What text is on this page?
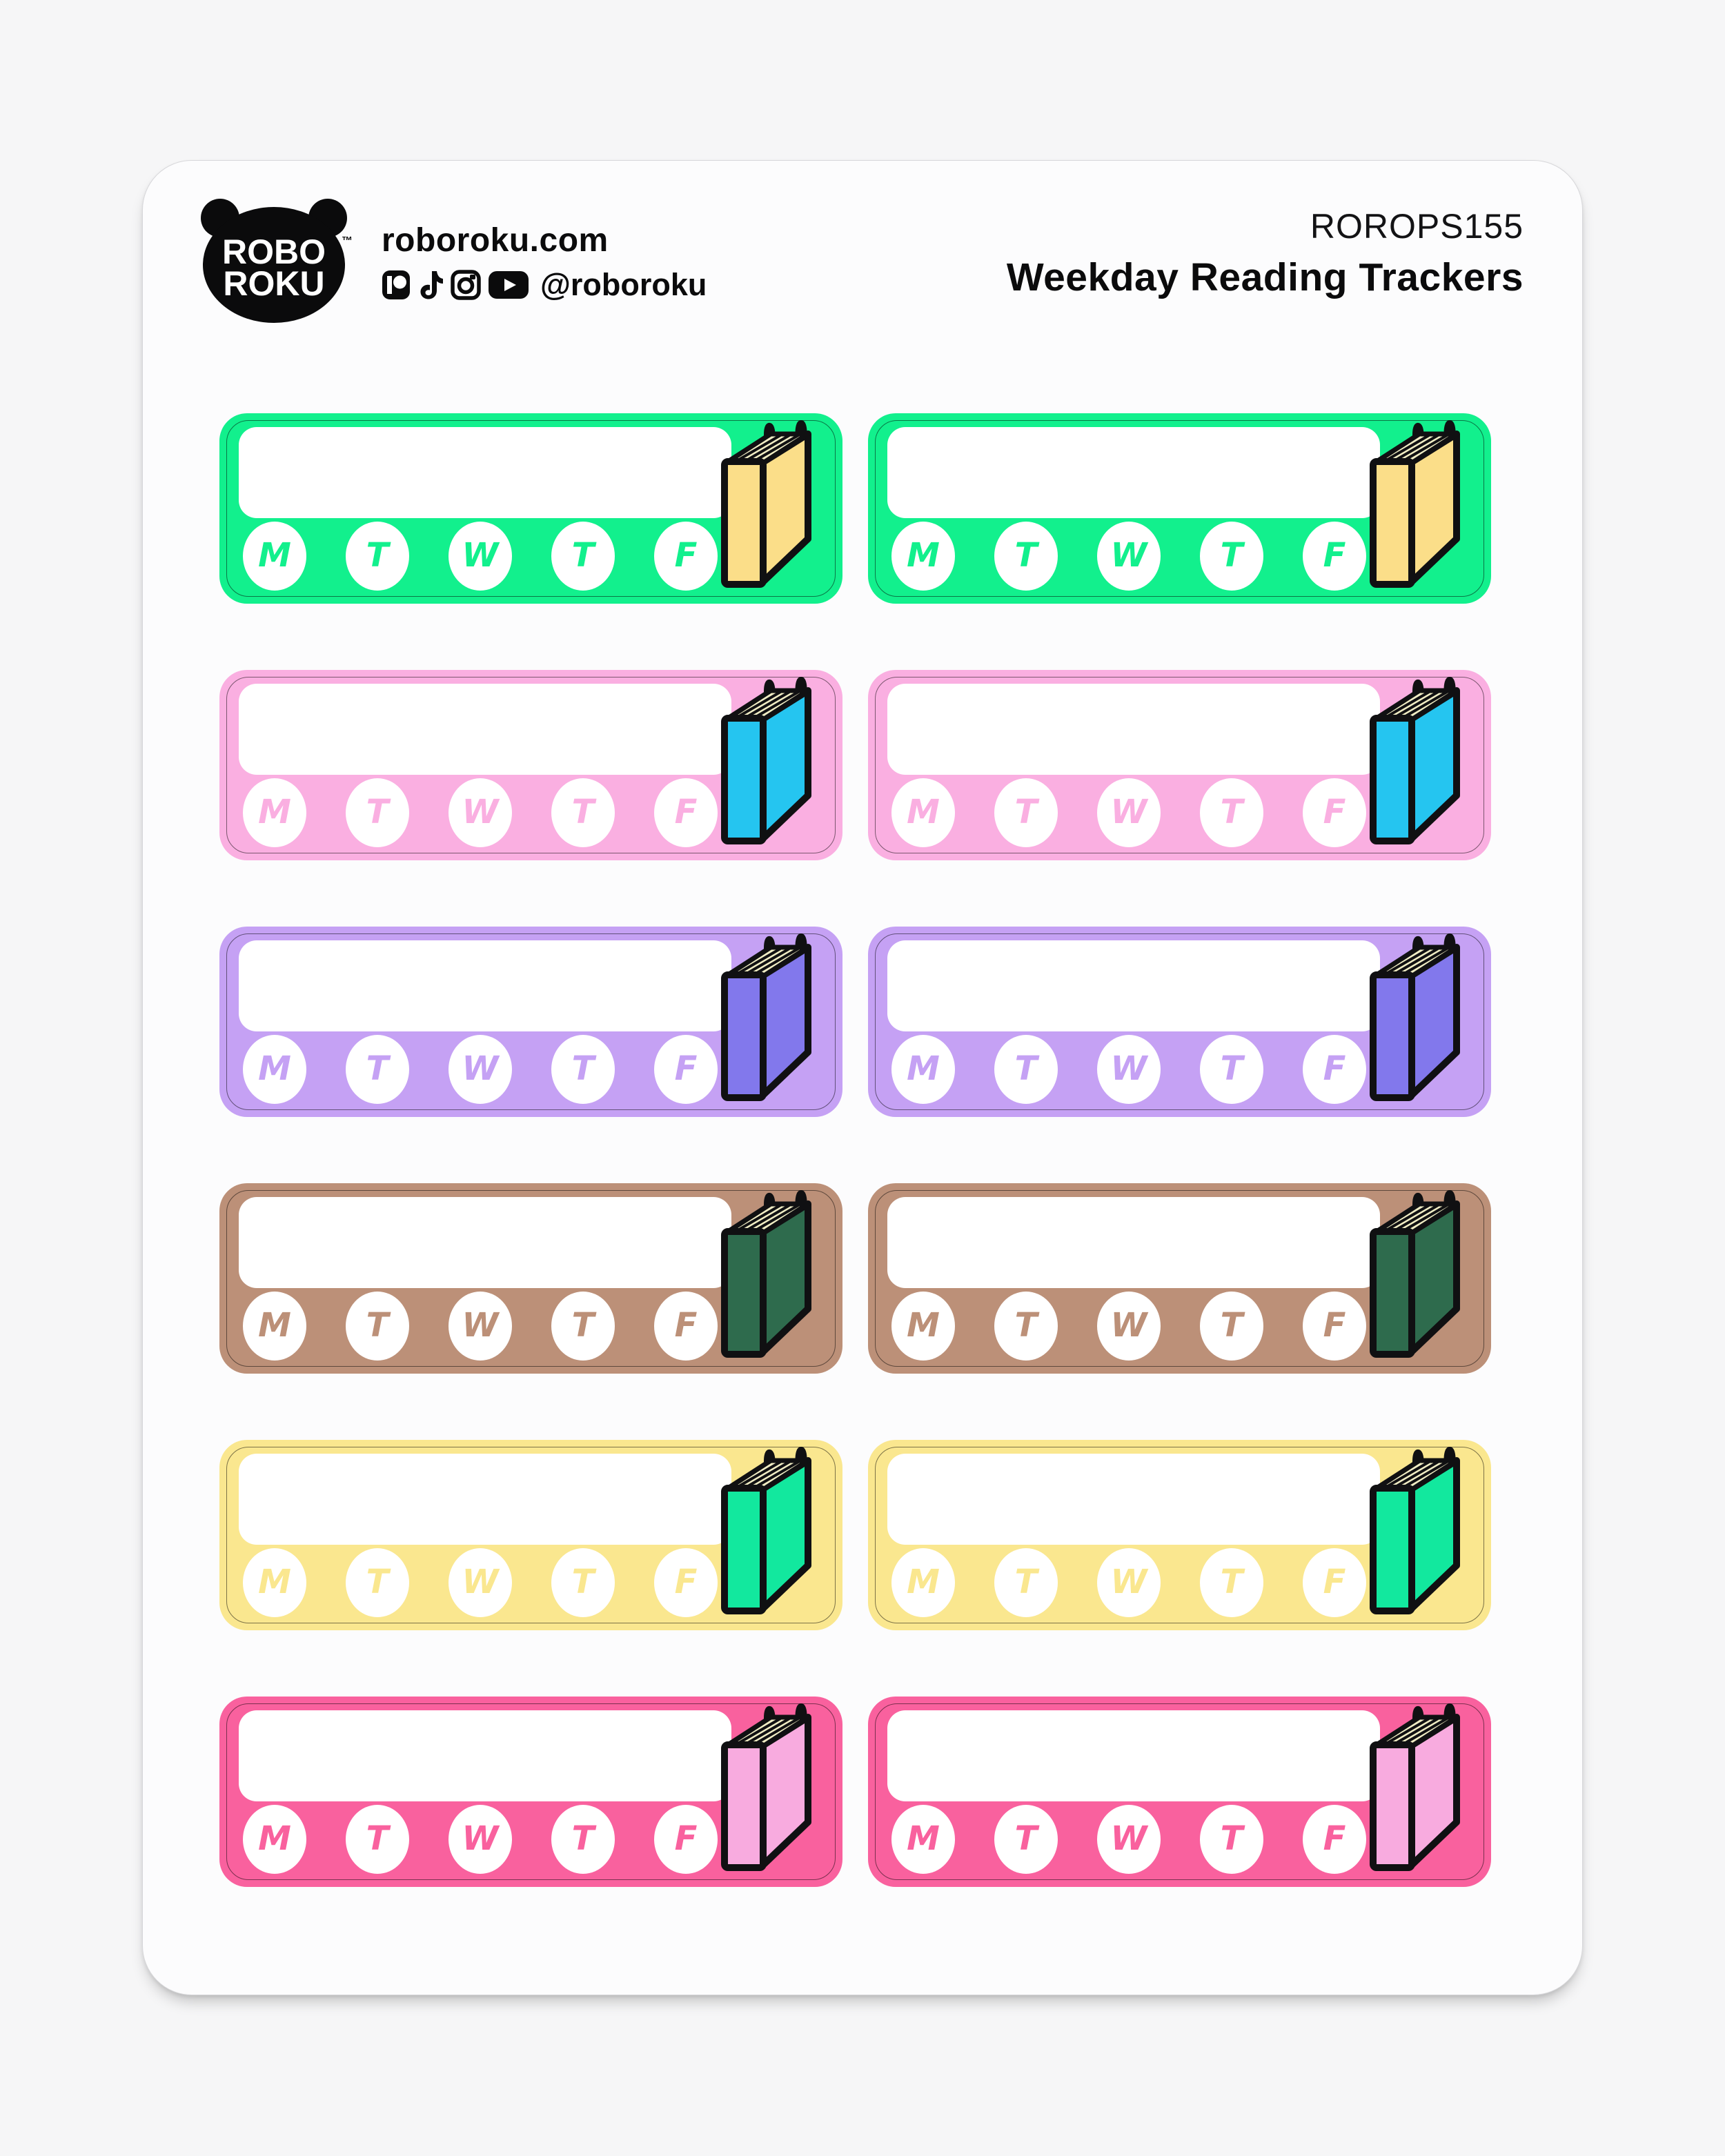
ROBO
ROKU
™ roboroku.com
@roboroku
ROROPS155
Weekday Reading Trackers
M T W T F	M T W T F
M T W T F	M T W T F
M T W T F	M T W T F
M T W T F	M T W T F
M T W T F	M T W T F
M T W T F	M T W T F
